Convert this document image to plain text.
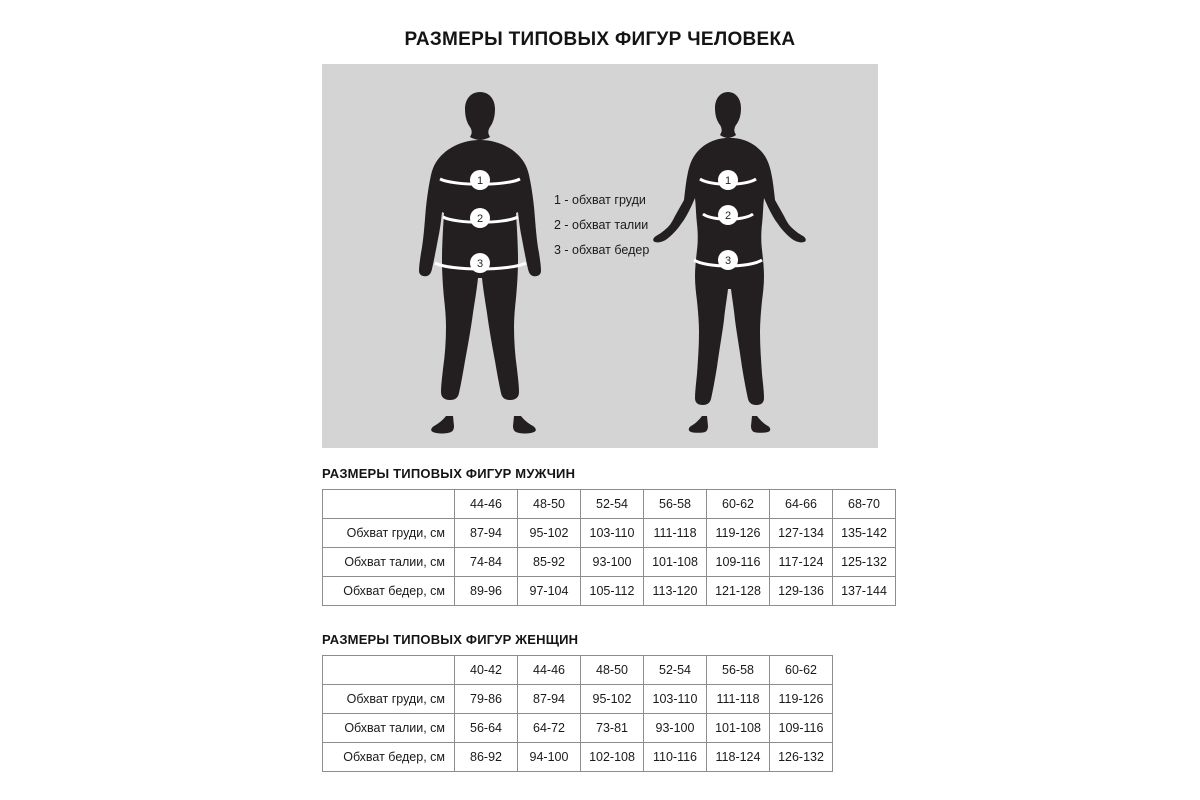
РАЗМЕРЫ ТИПОВЫХ ФИГУР ЧЕЛОВЕКА
1
2
3
1
2
3
1 - обхват груди
2 - обхват талии
3 - обхват бедер
РАЗМЕРЫ ТИПОВЫХ ФИГУР МУЖЧИН
	44-46	48-50	52-54	56-58	60-62	64-66	68-70
Обхват груди, см	87-94	95-102	103-110	111-118	119-126	127-134	135-142
Обхват талии, см	74-84	85-92	93-100	101-108	109-116	117-124	125-132
Обхват бедер, см	89-96	97-104	105-112	113-120	121-128	129-136	137-144
РАЗМЕРЫ ТИПОВЫХ ФИГУР ЖЕНЩИН
	40-42	44-46	48-50	52-54	56-58	60-62
Обхват груди, см	79-86	87-94	95-102	103-110	111-118	119-126
Обхват талии, см	56-64	64-72	73-81	93-100	101-108	109-116
Обхват бедер, см	86-92	94-100	102-108	110-116	118-124	126-132
